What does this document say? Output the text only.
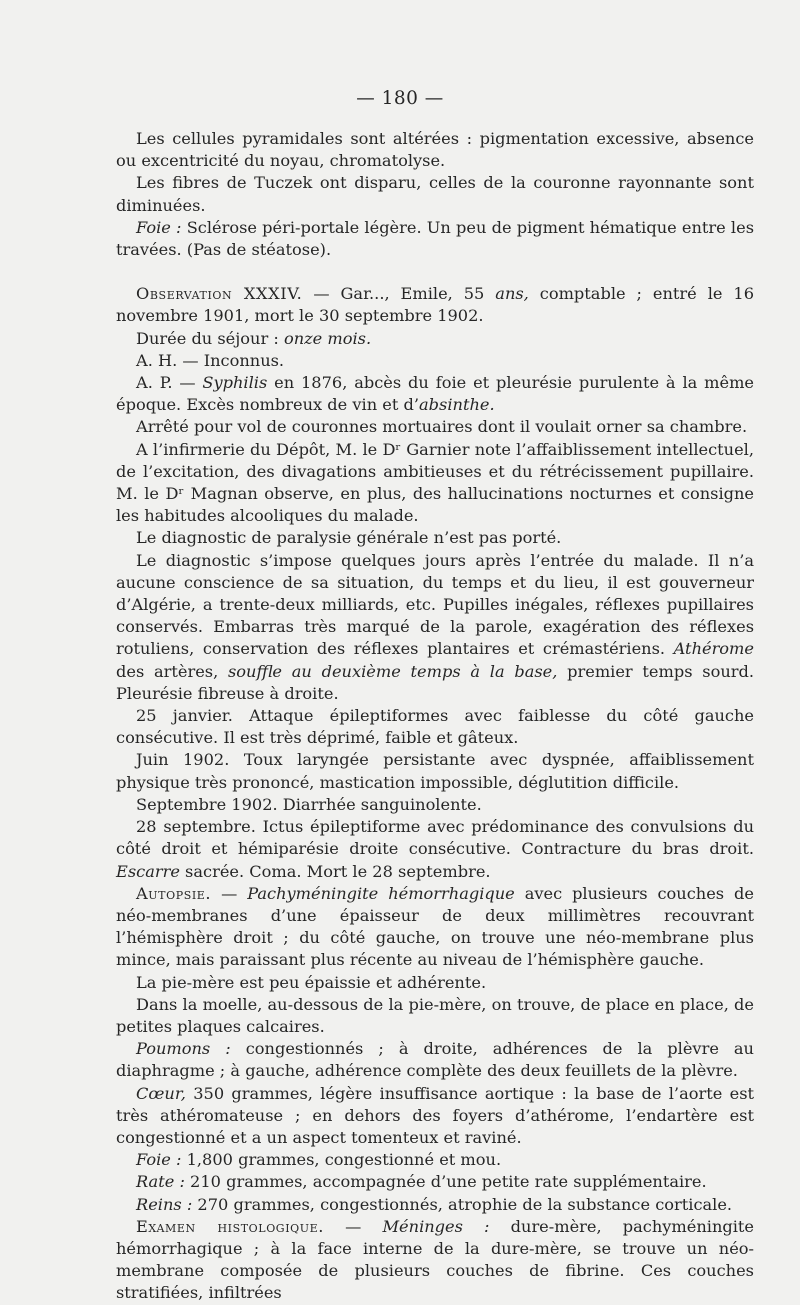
— 180 —

Les cellules pyramidales sont altérées : pigmentation excessive, absence ou excentricité du noyau, chromatolyse.

Les fibres de Tuczek ont disparu, celles de la couronne rayonnante sont diminuées.

Foie : Sclérose péri-portale légère. Un peu de pigment hématique entre les travées. (Pas de stéatose).

Observation XXXIV. — Gar..., Emile, 55 ans, comptable ; entré le 16 novembre 1901, mort le 30 septembre 1902.

Durée du séjour : onze mois.

A. H. — Inconnus.

A. P. — Syphilis en 1876, abcès du foie et pleurésie purulente à la même époque. Excès nombreux de vin et d’absinthe.

Arrêté pour vol de couronnes mortuaires dont il voulait orner sa chambre.

A l’infirmerie du Dépôt, M. le Dʳ Garnier note l’affaiblissement intellectuel, de l’excitation, des divagations ambitieuses et du rétrécissement pupillaire. M. le Dʳ Magnan observe, en plus, des hallucinations nocturnes et consigne les habitudes alcooliques du malade.

Le diagnostic de paralysie générale n’est pas porté.

Le diagnostic s’impose quelques jours après l’entrée du malade. Il n’a aucune conscience de sa situation, du temps et du lieu, il est gouverneur d’Algérie, a trente-deux milliards, etc. Pupilles inégales, réflexes pupillaires conservés. Embarras très marqué de la parole, exagération des réflexes rotuliens, conservation des réflexes plantaires et crémastériens. Athérome des artères, souffle au deuxième temps à la base, premier temps sourd. Pleurésie fibreuse à droite.

25 janvier. Attaque épileptiformes avec faiblesse du côté gauche consécutive. Il est très déprimé, faible et gâteux.

Juin 1902. Toux laryngée persistante avec dyspnée, affaiblissement physique très prononcé, mastication impossible, déglutition difficile.

Septembre 1902. Diarrhée sanguinolente.

28 septembre. Ictus épileptiforme avec prédominance des convulsions du côté droit et hémiparésie droite consécutive. Contracture du bras droit. Escarre sacrée. Coma. Mort le 28 septembre.

Autopsie. — Pachyméningite hémorrhagique avec plusieurs couches de néo-membranes d’une épaisseur de deux millimètres recouvrant l’hémisphère droit ; du côté gauche, on trouve une néo-membrane plus mince, mais paraissant plus récente au niveau de l’hémisphère gauche.

La pie-mère est peu épaissie et adhérente.

Dans la moelle, au-dessous de la pie-mère, on trouve, de place en place, de petites plaques calcaires.

Poumons : congestionnés ; à droite, adhérences de la plèvre au diaphragme ; à gauche, adhérence complète des deux feuillets de la plèvre.

Cœur, 350 grammes, légère insuffisance aortique : la base de l’aorte est très athéromateuse ; en dehors des foyers d’athérome, l’endartère est congestionné et a un aspect tomenteux et raviné.

Foie : 1,800 grammes, congestionné et mou.

Rate : 210 grammes, accompagnée d’une petite rate supplémentaire.

Reins : 270 grammes, congestionnés, atrophie de la substance corticale.

Examen histologique. — Méninges : dure-mère, pachyméningite hémorrhagique ; à la face interne de la dure-mère, se trouve un néo-membrane composée de plusieurs couches de fibrine. Ces couches stratifiées, infiltrées
